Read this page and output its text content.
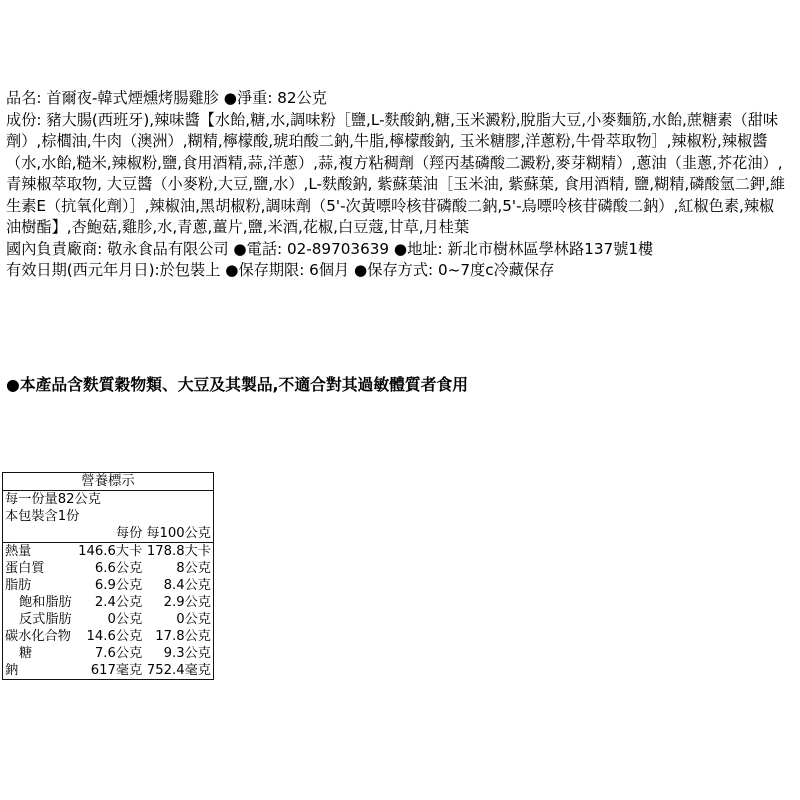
品名: 首爾夜-韓式煙燻烤腸雞胗 ●淨重: 82公克
成份: 豬大腸(西班牙),辣味醬【水飴,糖,水,調味粉［鹽,L-麩酸鈉,糖,玉米澱粉,脫脂大豆,小麥麵筋,水飴,蔗糖素（甜味劑）,棕櫚油,牛肉（澳洲）,糊精,檸檬酸,琥珀酸二鈉,牛脂,檸檬酸鈉, 玉米糖膠,洋蔥粉,牛骨萃取物］,辣椒粉,辣椒醬（水,水飴,糙米,辣椒粉,鹽,食用酒精,蒜,洋蔥）,蒜,複方粘稠劑（羥丙基磷酸二澱粉,麥芽糊精）,蔥油（韭蔥,芥花油）,青辣椒萃取物, 大豆醬（小麥粉,大豆,鹽,水）,L-麩酸鈉, 紫蘇葉油［玉米油, 紫蘇葉, 食用酒精, 鹽,糊精,磷酸氫二鉀,維生素E（抗氧化劑）］,辣椒油,黑胡椒粉,調味劑（5'-次黃嘌呤核苷磷酸二鈉,5'-烏嘌呤核苷磷酸二鈉）,紅椒色素,辣椒油樹酯】,杏鮑菇,雞胗,水,青蔥,薑片,鹽,米酒,花椒,白豆蔻,甘草,月桂葉
國內負責廠商: 敬永食品有限公司 ●電話: 02-89703639 ●地址: 新北市樹林區學林路137號1樓
有效日期(西元年月日):於包裝上 ●保存期限: 6個月 ●保存方式: 0~7度c冷藏保存
●本產品含麩質穀物類、大豆及其製品,不適合對其過敏體質者食用
營養標示		
每一份量82公克		
本包裝含1份		
	每份	每100公克
熱量	146.6大卡	178.8大卡
蛋白質	6.6公克	8公克
脂肪	6.9公克	8.4公克
飽和脂肪	2.4公克	2.9公克
反式脂肪	0公克	0公克
碳水化合物	14.6公克	17.8公克
糖	7.6公克	9.3公克
鈉	617毫克	752.4毫克
